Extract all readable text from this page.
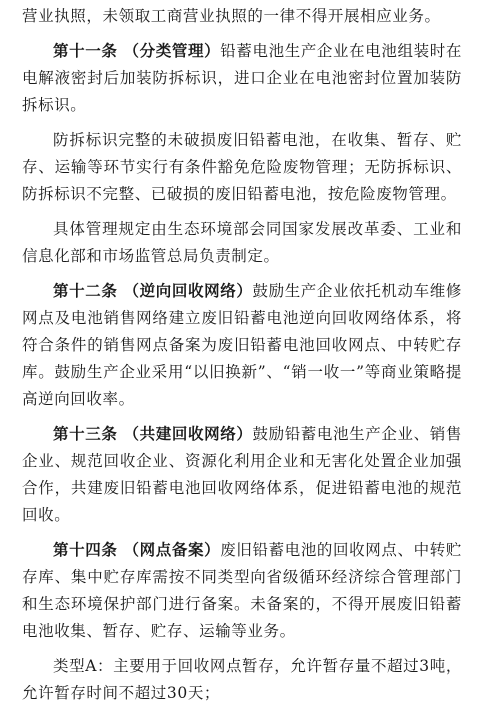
营业执照，未领取工商营业执照的一律不得开展相应业务。

第十一条 （分类管理）铅蓄电池生产企业在电池组装时在电解液密封后加装防拆标识，进口企业在电池密封位置加装防拆标识。

防拆标识完整的未破损废旧铅蓄电池，在收集、暂存、贮存、运输等环节实行有条件豁免危险废物管理；无防拆标识、防拆标识不完整、已破损的废旧铅蓄电池，按危险废物管理。

具体管理规定由生态环境部会同国家发展改革委、工业和信息化部和市场监管总局负责制定。

第十二条 （逆向回收网络）鼓励生产企业依托机动车维修网点及电池销售网络建立废旧铅蓄电池逆向回收网络体系，将符合条件的销售网点备案为废旧铅蓄电池回收网点、中转贮存库。鼓励生产企业采用“以旧换新”、“销一收一”等商业策略提高逆向回收率。

第十三条 （共建回收网络）鼓励铅蓄电池生产企业、销售企业、规范回收企业、资源化利用企业和无害化处置企业加强合作，共建废旧铅蓄电池回收网络体系，促进铅蓄电池的规范回收。

第十四条 （网点备案）废旧铅蓄电池的回收网点、中转贮存库、集中贮存库需按不同类型向省级循环经济综合管理部门和生态环境保护部门进行备案。未备案的，不得开展废旧铅蓄电池收集、暂存、贮存、运输等业务。

类型A：主要用于回收网点暂存，允许暂存量不超过3吨，允许暂存时间不超过30天；
